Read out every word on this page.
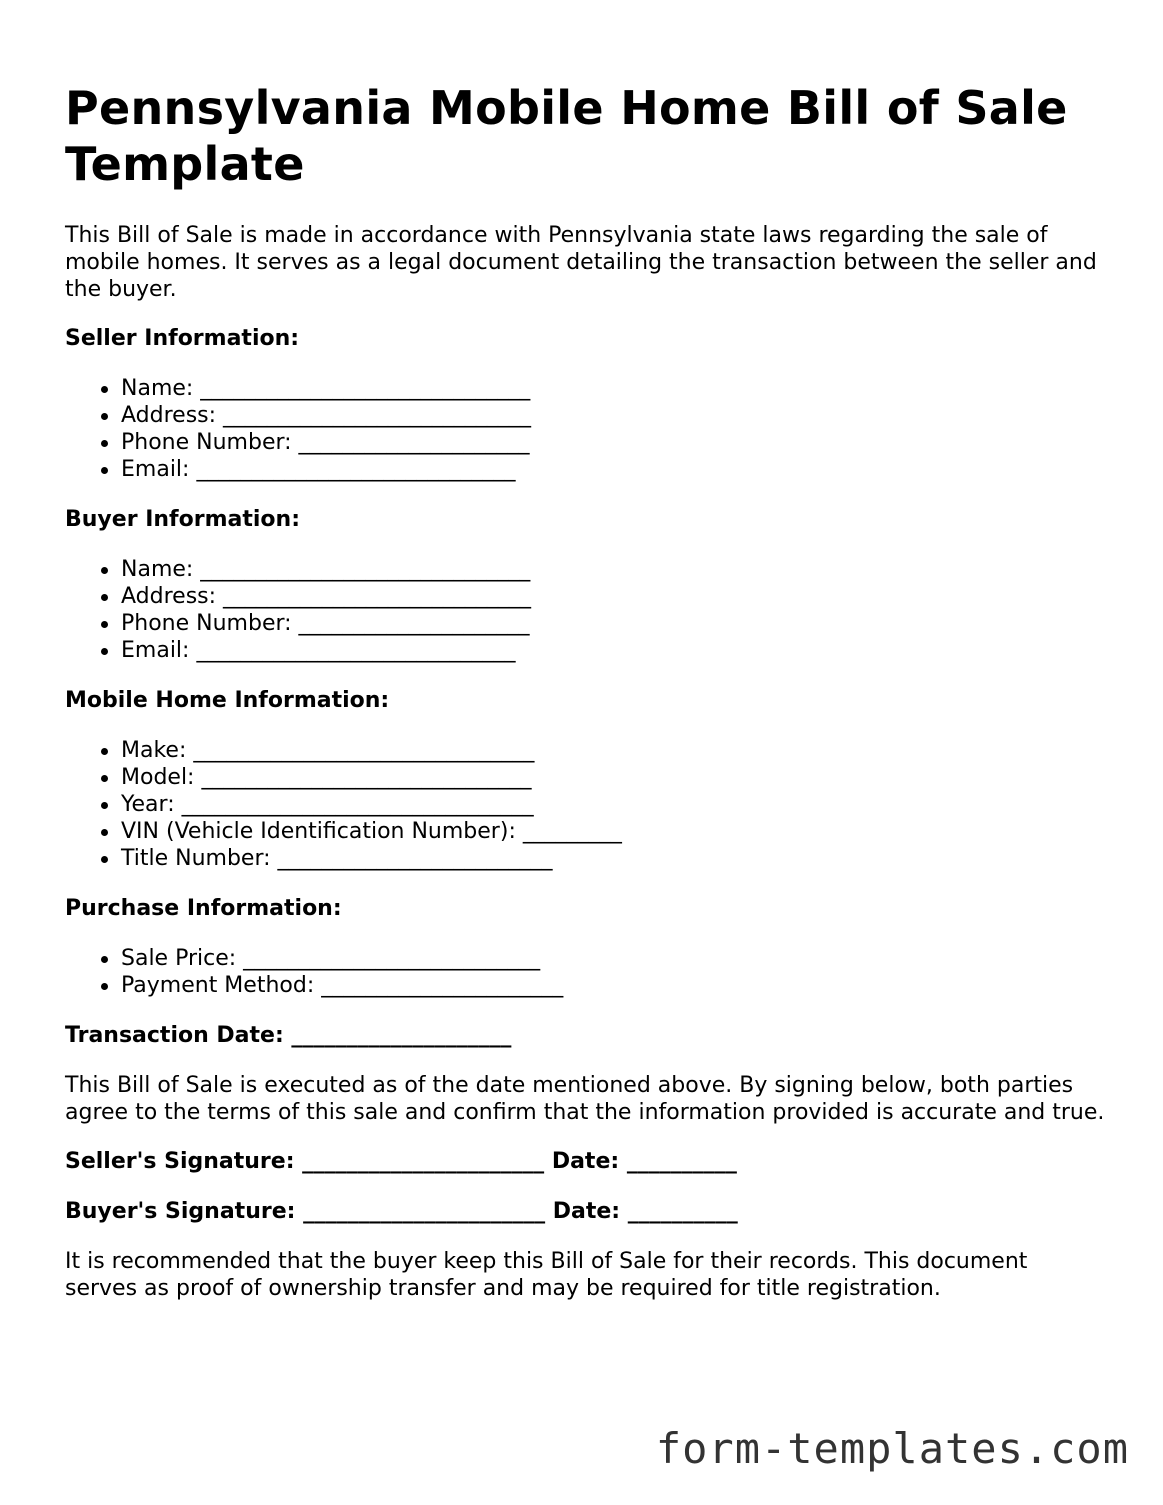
Pennsylvania Mobile Home Bill of Sale Template

This Bill of Sale is made in accordance with Pennsylvania state laws regarding the sale of mobile homes. It serves as a legal document detailing the transaction between the seller and the buyer.

Seller Information:
Name: ______________________________
Address: ____________________________
Phone Number: _____________________
Email: _____________________________
Buyer Information:
Name: ______________________________
Address: ____________________________
Phone Number: _____________________
Email: _____________________________
Mobile Home Information:
Make: _______________________________
Model: ______________________________
Year: ________________________________
VIN (Vehicle Identification Number): _________
Title Number: _________________________
Purchase Information:
Sale Price: ___________________________
Payment Method: ______________________
Transaction Date: ____________________

This Bill of Sale is executed as of the date mentioned above. By signing below, both parties agree to the terms of this sale and confirm that the information provided is accurate and true.

Seller's Signature: ______________________ Date: __________
Buyer's Signature: ______________________ Date: __________

It is recommended that the buyer keep this Bill of Sale for their records. This document serves as proof of ownership transfer and may be required for title registration.

form-templates.com
